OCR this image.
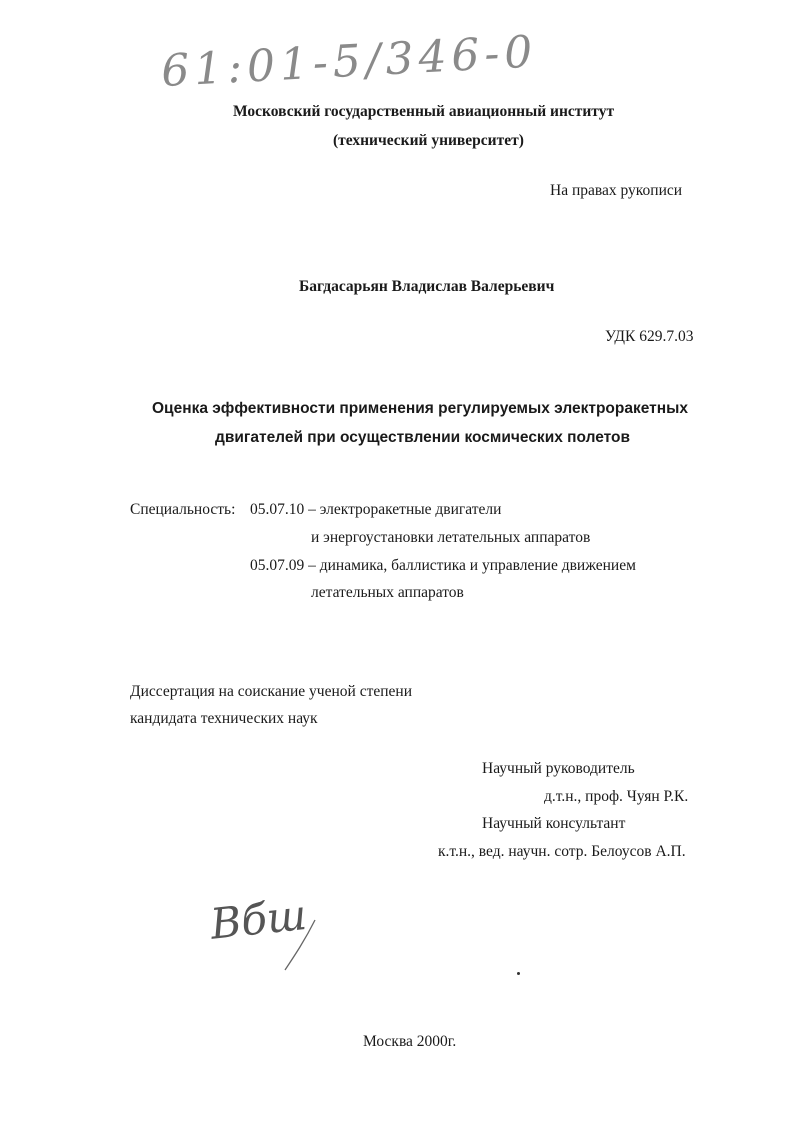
61:01-5/346-0
Московский государственный авиационный институт
(технический университет)
На правах рукописи
Багдасарьян Владислав Валерьевич
УДК 629.7.03
Оценка эффективности применения регулируемых электроракетных
двигателей при осуществлении космических полетов
Специальность: 05.07.10 – электроракетные двигатели
и энергоустановки летательных аппаратов
05.07.09 – динамика, баллистика и управление движением
летательных аппаратов
Диссертация на соискание ученой степени
кандидата технических наук
Научный руководитель
д.т.н., проф. Чуян Р.К.
Научный консультант
к.т.н., вед. научн. сотр. Белоусов А.П.
Вбш
Москва 2000г.
